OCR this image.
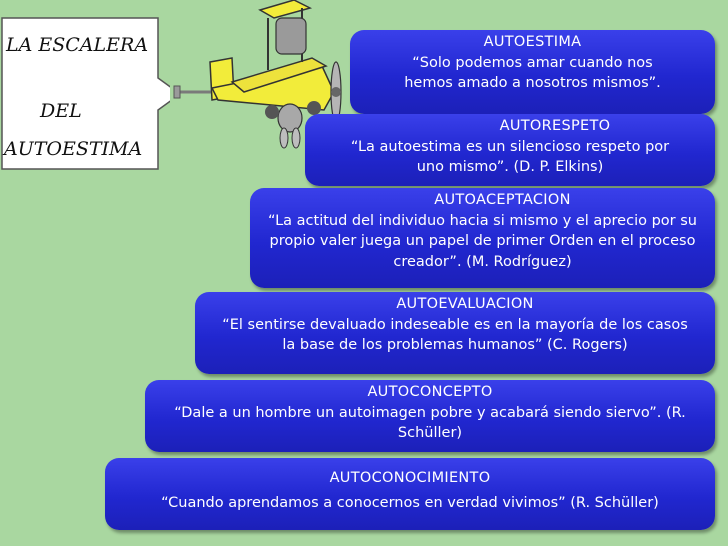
LA ESCALERA
DEL
AUTOESTIMA
AUTOESTIMA
“Solo podemos amar cuando nos hemos amado a nosotros mismos”.
AUTORESPETO
“La autoestima es un silencioso respeto por uno mismo”. (D. P. Elkins)
AUTOACEPTACION
“La actitud del individuo hacia si mismo y el aprecio por su propio valer juega un papel de primer Orden en el proceso creador”. (M. Rodríguez)
AUTOEVALUACION
“El sentirse devaluado indeseable es en la mayoría de los casos la base de los problemas humanos” (C. Rogers)
AUTOCONCEPTO
“Dale a un hombre un autoimagen pobre y acabará siendo siervo”. (R. Schüller)
AUTOCONOCIMIENTO
“Cuando aprendamos a conocernos en verdad vivimos” (R. Schüller)
